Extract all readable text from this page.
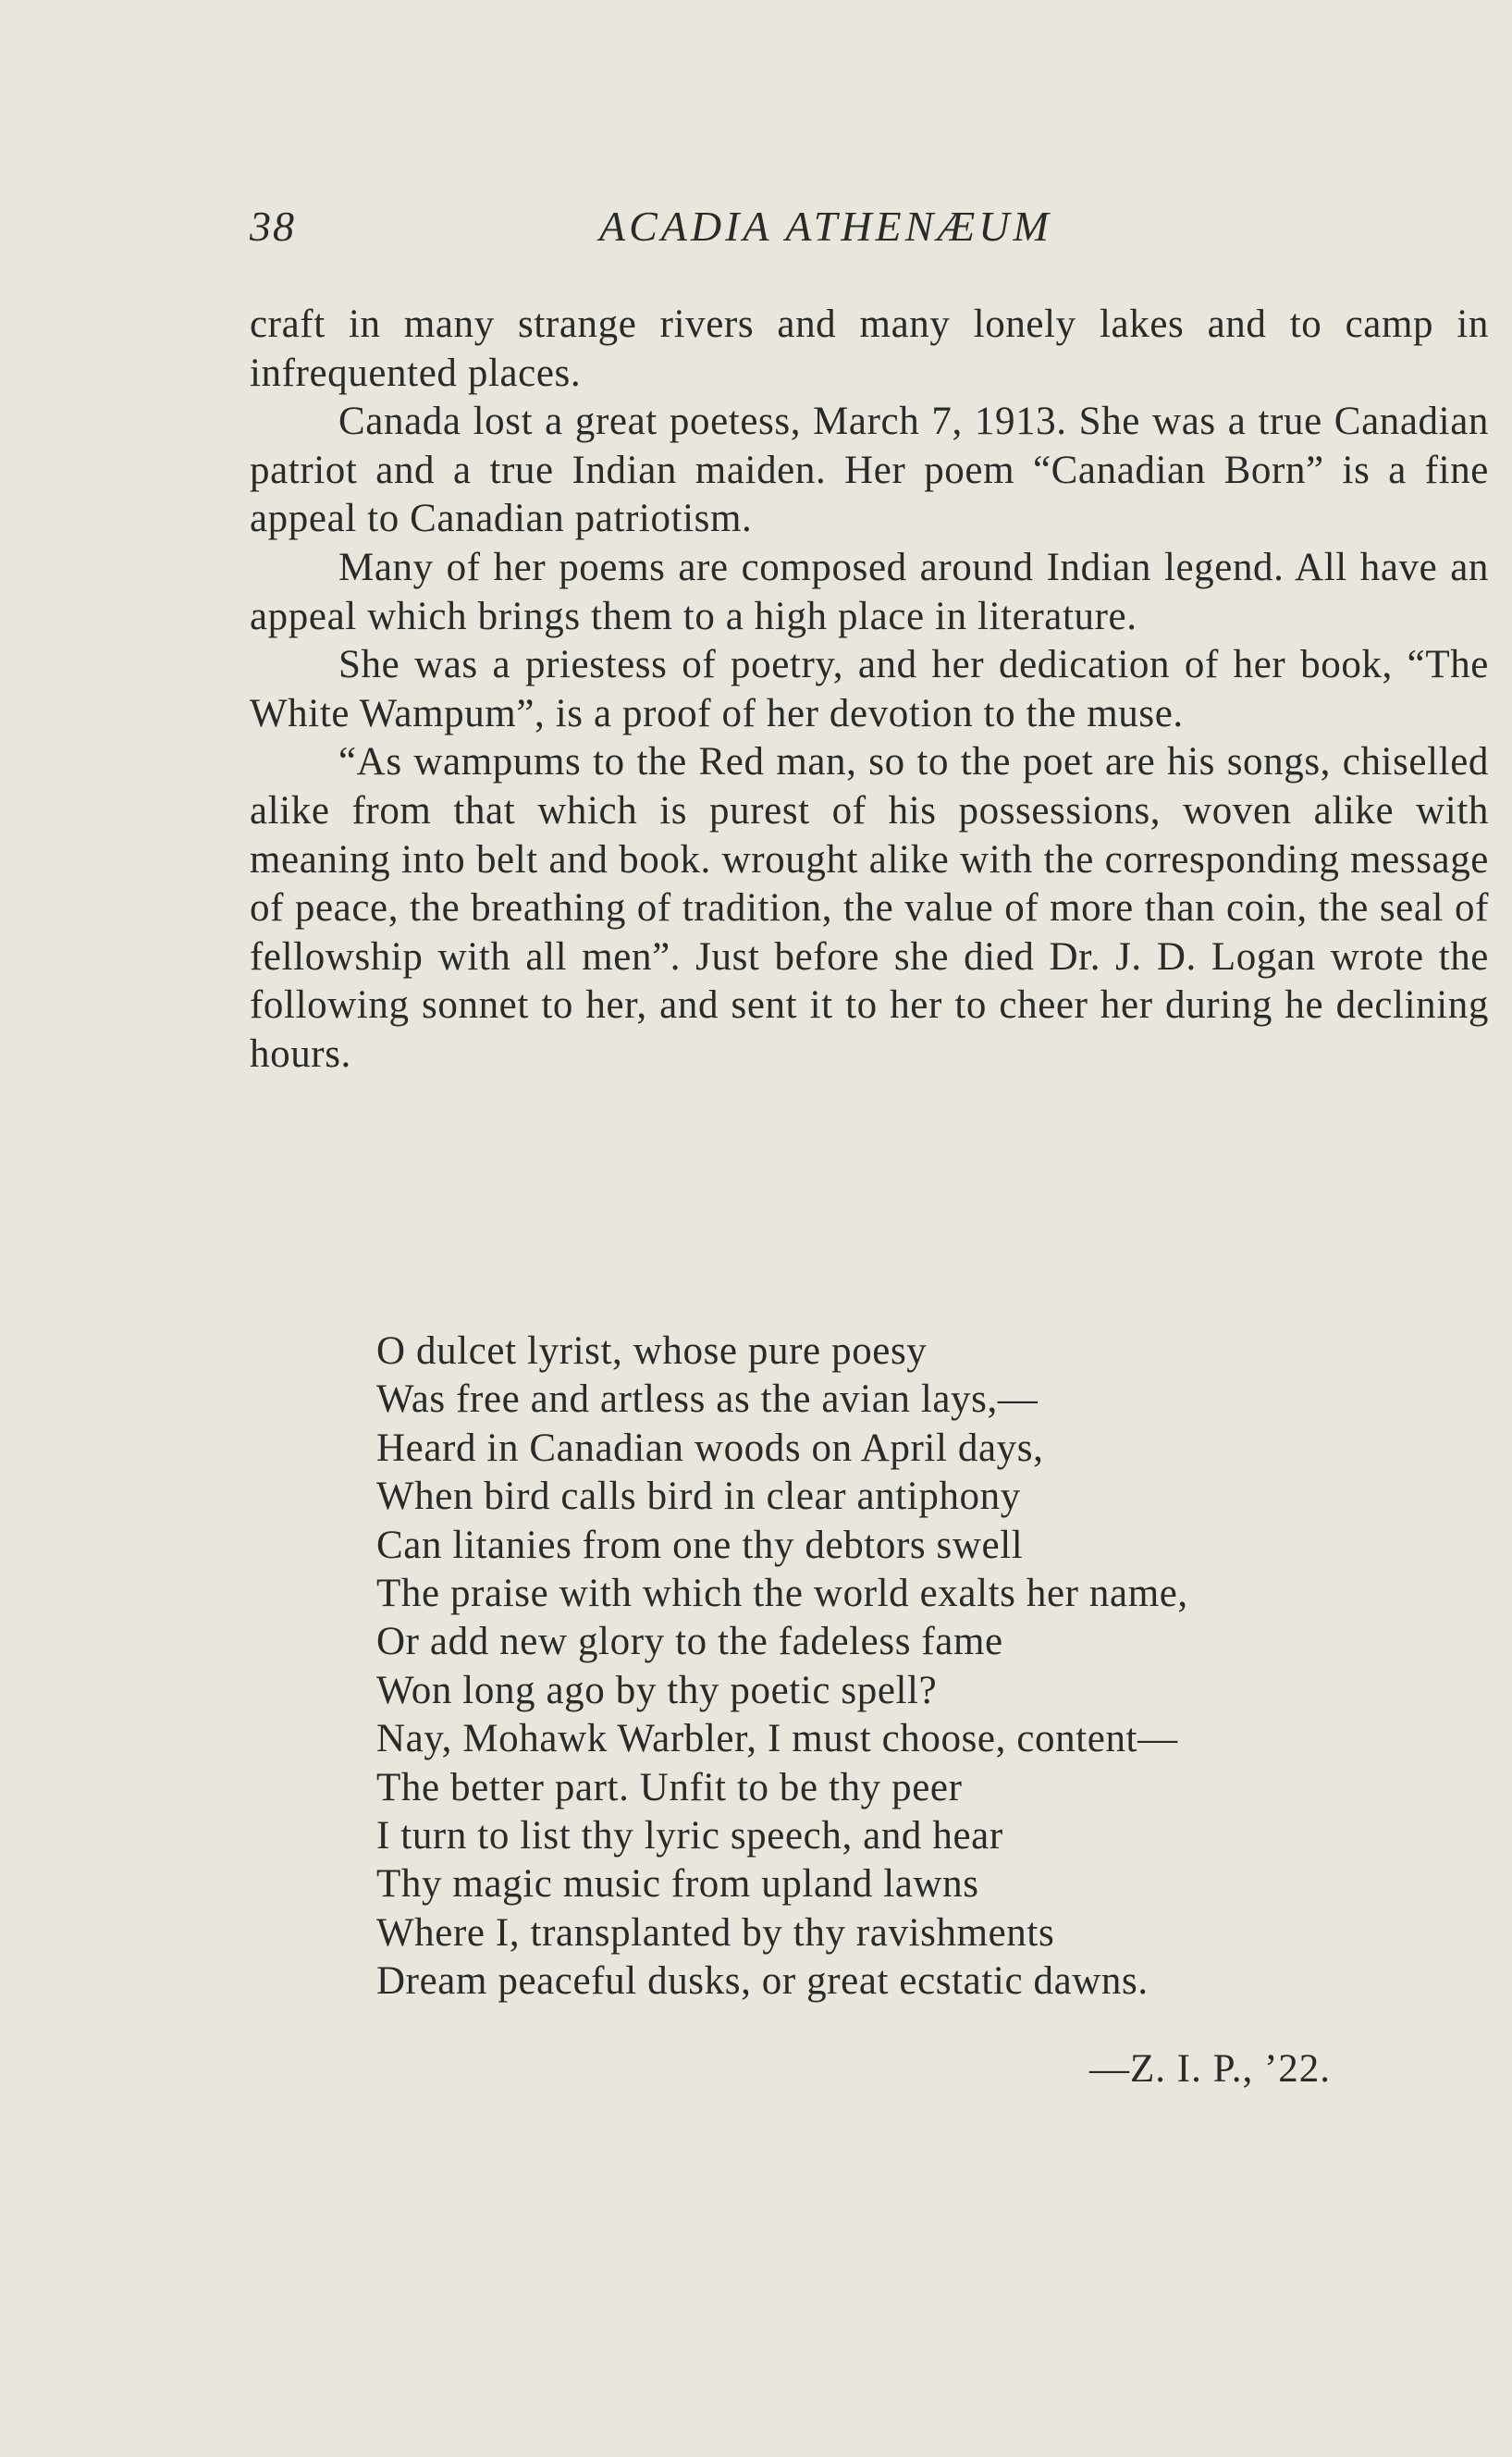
38	ACADIA ATHENÆUM

craft in many strange rivers and many lonely lakes and to camp in infrequented places.

Canada lost a great poetess, March 7, 1913. She was a true Canadian patriot and a true Indian maiden. Her poem “Canadian Born” is a fine appeal to Canadian patriotism.

Many of her poems are composed around Indian legend. All have an appeal which brings them to a high place in literature.

She was a priestess of poetry, and her dedication of her book, “The White Wampum”, is a proof of her devotion to the muse.

“As wampums to the Red man, so to the poet are his songs, chiselled alike from that which is purest of his possessions, woven alike with meaning into belt and book. wrought alike with the corresponding message of peace, the breathing of tradition, the value of more than coin, the seal of fellowship with all men”. Just before she died Dr. J. D. Logan wrote the following sonnet to her, and sent it to her to cheer her during he declining hours.

O dulcet lyrist, whose pure poesy
Was free and artless as the avian lays,—
Heard in Canadian woods on April days,
When bird calls bird in clear antiphony
Can litanies from one thy debtors swell
The praise with which the world exalts her name,
Or add new glory to the fadeless fame
Won long ago by thy poetic spell?
Nay, Mohawk Warbler, I must choose, content—
The better part. Unfit to be thy peer
I turn to list thy lyric speech, and hear
Thy magic music from upland lawns
Where I, transplanted by thy ravishments
Dream peaceful dusks, or great ecstatic dawns.
—Z. I. P., ’22.
